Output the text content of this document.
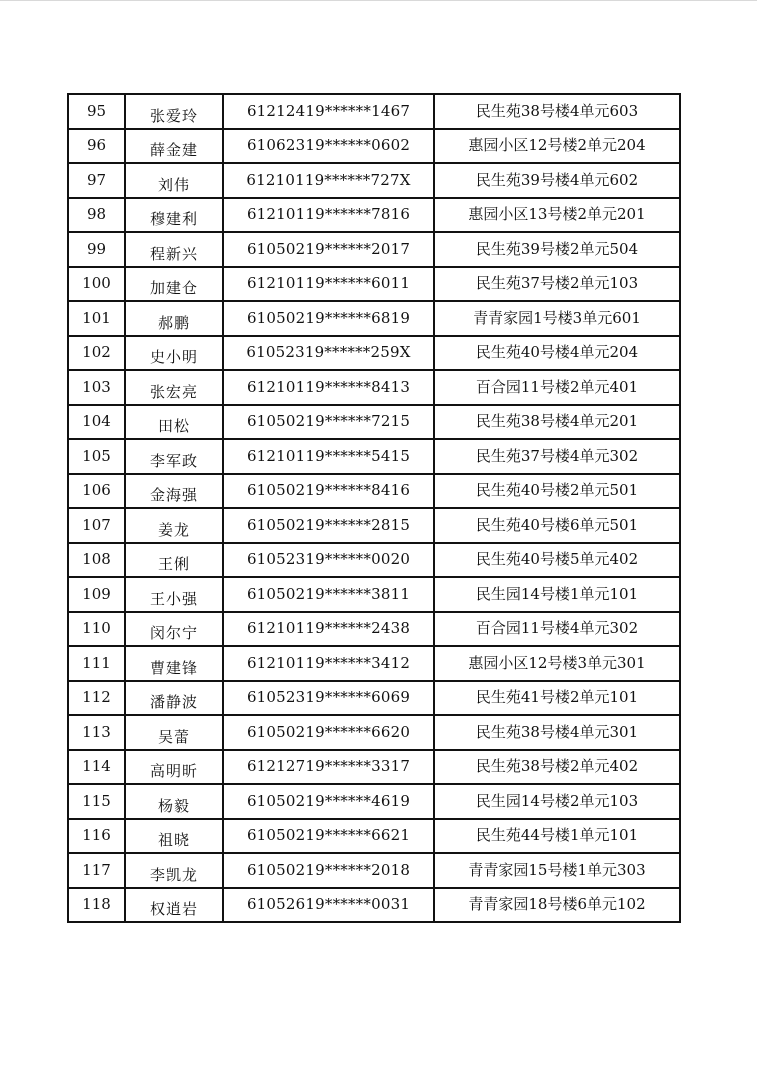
95	张爱玲	61212419******1467	民生苑38号楼4单元603
96	薛金建	61062319******0602	惠园小区12号楼2单元204
97	刘伟	61210119******727X	民生苑39号楼4单元602
98	穆建利	61210119******7816	惠园小区13号楼2单元201
99	程新兴	61050219******2017	民生苑39号楼2单元504
100	加建仓	61210119******6011	民生苑37号楼2单元103
101	郝鹏	61050219******6819	青青家园1号楼3单元601
102	史小明	61052319******259X	民生苑40号楼4单元204
103	张宏亮	61210119******8413	百合园11号楼2单元401
104	田松	61050219******7215	民生苑38号楼4单元201
105	李军政	61210119******5415	民生苑37号楼4单元302
106	金海强	61050219******8416	民生苑40号楼2单元501
107	姜龙	61050219******2815	民生苑40号楼6单元501
108	王俐	61052319******0020	民生苑40号楼5单元402
109	王小强	61050219******3811	民生园14号楼1单元101
110	闵尔宁	61210119******2438	百合园11号楼4单元302
111	曹建锋	61210119******3412	惠园小区12号楼3单元301
112	潘静波	61052319******6069	民生苑41号楼2单元101
113	吴蕾	61050219******6620	民生苑38号楼4单元301
114	高明昕	61212719******3317	民生苑38号楼2单元402
115	杨毅	61050219******4619	民生园14号楼2单元103
116	祖晓	61050219******6621	民生苑44号楼1单元101
117	李凯龙	61050219******2018	青青家园15号楼1单元303
118	权逍岩	61052619******0031	青青家园18号楼6单元102
